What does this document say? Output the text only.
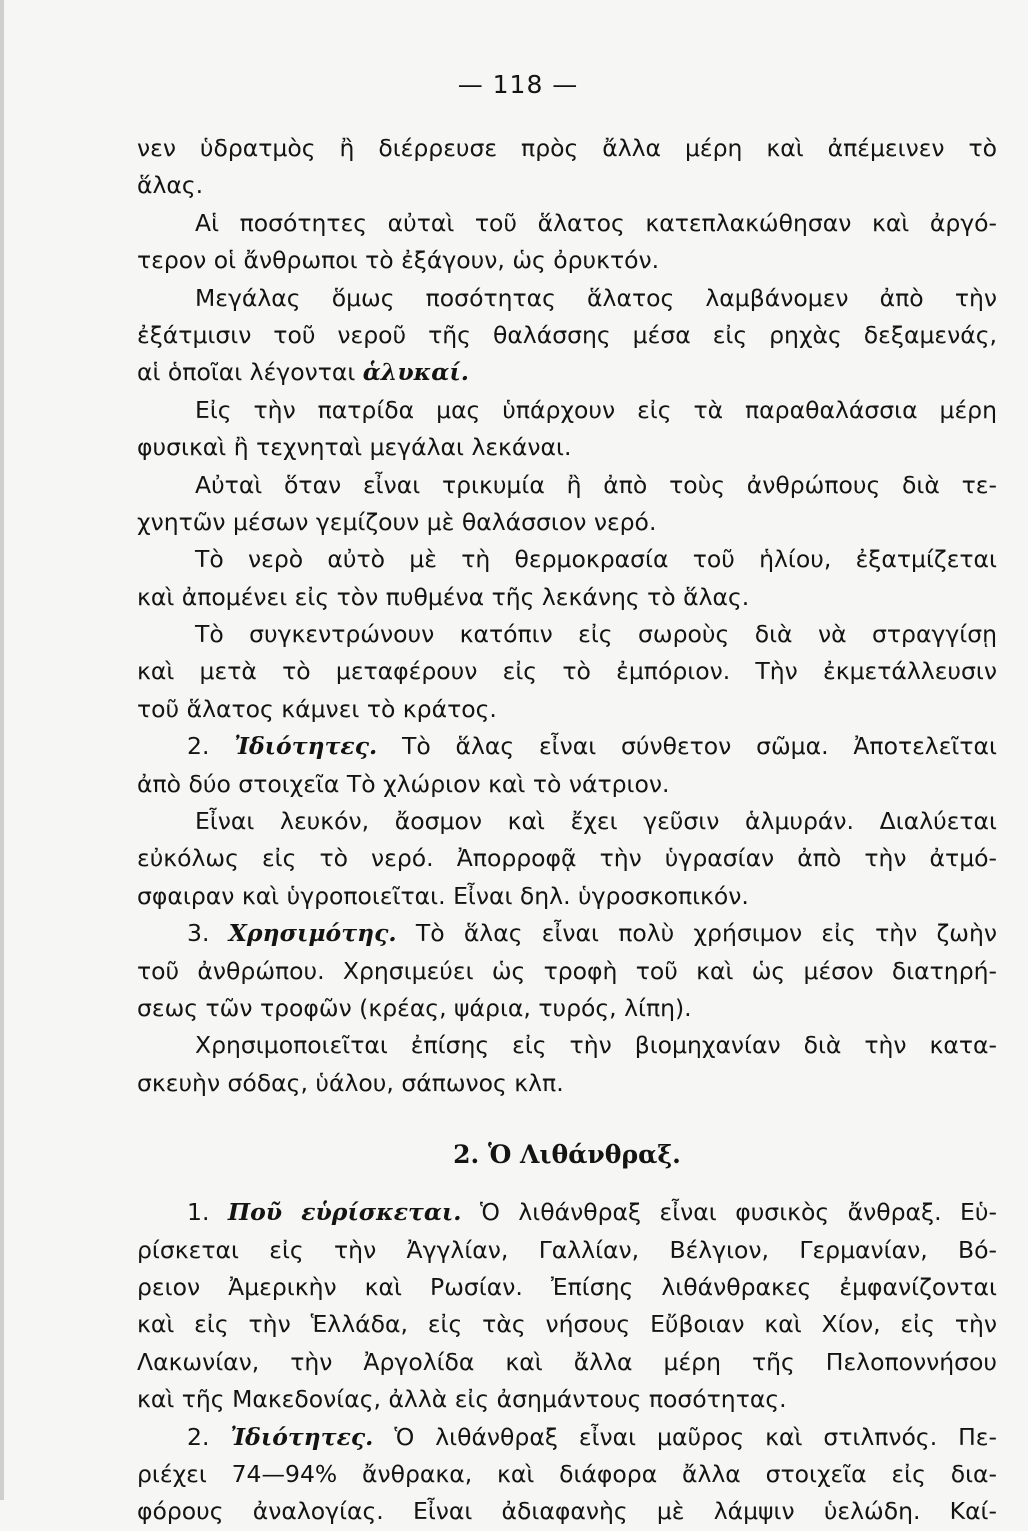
— 118 —
νεν ὑδρατμὸς ἢ διέρρευσε πρὸς ἄλλα μέρη καὶ ἀπέμεινεν τὸ
ἅλας.
Αἱ ποσότητες αὐταὶ τοῦ ἅλατος κατεπλακώθησαν καὶ ἀργό-
τερον οἱ ἄνθρωποι τὸ ἐξάγουν, ὡς ὀρυκτόν.
Μεγάλας ὅμως ποσότητας ἅλατος λαμβάνομεν ἀπὸ τὴν
ἐξάτμισιν τοῦ νεροῦ τῆς θαλάσσης μέσα εἰς ρηχὰς δεξαμενάς,
αἱ ὁποῖαι λέγονται ἁλυκαί.
Εἰς τὴν πατρίδα μας ὑπάρχουν εἰς τὰ παραθαλάσσια μέρη
φυσικαὶ ἢ τεχνηταὶ μεγάλαι λεκάναι.
Αὐταὶ ὅταν εἶναι τρικυμία ἢ ἀπὸ τοὺς ἀνθρώπους διὰ τε-
χνητῶν μέσων γεμίζουν μὲ θαλάσσιον νερό.
Τὸ νερὸ αὐτὸ μὲ τὴ θερμοκρασία τοῦ ἡλίου, ἐξατμίζεται
καὶ ἀπομένει εἰς τὸν πυθμένα τῆς λεκάνης τὸ ἅλας.
Τὸ συγκεντρώνουν κατόπιν εἰς σωροὺς διὰ νὰ στραγγίσῃ
καὶ μετὰ τὸ μεταφέρουν εἰς τὸ ἐμπόριον. Τὴν ἐκμετάλλευσιν
τοῦ ἅλατος κάμνει τὸ κράτος.
2. Ἰδιότητες. Τὸ ἅλας εἶναι σύνθετον σῶμα. Ἀποτελεῖται
ἀπὸ δύο στοιχεῖα Τὸ χλώριον καὶ τὸ νάτριον.
Εἶναι λευκόν, ἄοσμον καὶ ἔχει γεῦσιν ἁλμυράν. Διαλύεται
εὐκόλως εἰς τὸ νερό. Ἀπορροφᾷ τὴν ὑγρασίαν ἀπὸ τὴν ἀτμό-
σφαιραν καὶ ὑγροποιεῖται. Εἶναι δηλ. ὑγροσκοπικόν.
3. Χρησιμότης. Τὸ ἅλας εἶναι πολὺ χρήσιμον εἰς τὴν ζωὴν
τοῦ ἀνθρώπου. Χρησιμεύει ὡς τροφὴ τοῦ καὶ ὡς μέσον διατηρή-
σεως τῶν τροφῶν (κρέας, ψάρια, τυρός, λίπη).
Χρησιμοποιεῖται ἐπίσης εἰς τὴν βιομηχανίαν διὰ τὴν κατα-
σκευὴν σόδας, ὑάλου, σάπωνος κλπ.
2. Ὁ Λιθάνθραξ.
1. Ποῦ εὑρίσκεται. Ὁ λιθάνθραξ εἶναι φυσικὸς ἄνθραξ. Εὑ-
ρίσκεται εἰς τὴν Ἀγγλίαν, Γαλλίαν, Βέλγιον, Γερμανίαν, Βό-
ρειον Ἀμερικὴν καὶ Ρωσίαν. Ἐπίσης λιθάνθρακες ἐμφανίζονται
καὶ εἰς τὴν Ἑλλάδα, εἰς τὰς νήσους Εὔβοιαν καὶ Χίον, εἰς τὴν
Λακωνίαν, τὴν Ἀργολίδα καὶ ἄλλα μέρη τῆς Πελοποννήσου
καὶ τῆς Μακεδονίας, ἀλλὰ εἰς ἀσημάντους ποσότητας.
2. Ἰδιότητες. Ὁ λιθάνθραξ εἶναι μαῦρος καὶ στιλπνός. Πε-
ριέχει 74—94% ἄνθρακα, καὶ διάφορα ἄλλα στοιχεῖα εἰς δια-
φόρους ἀναλογίας. Εἶναι ἀδιαφανὴς μὲ λάμψιν ὑελώδη. Καί-
